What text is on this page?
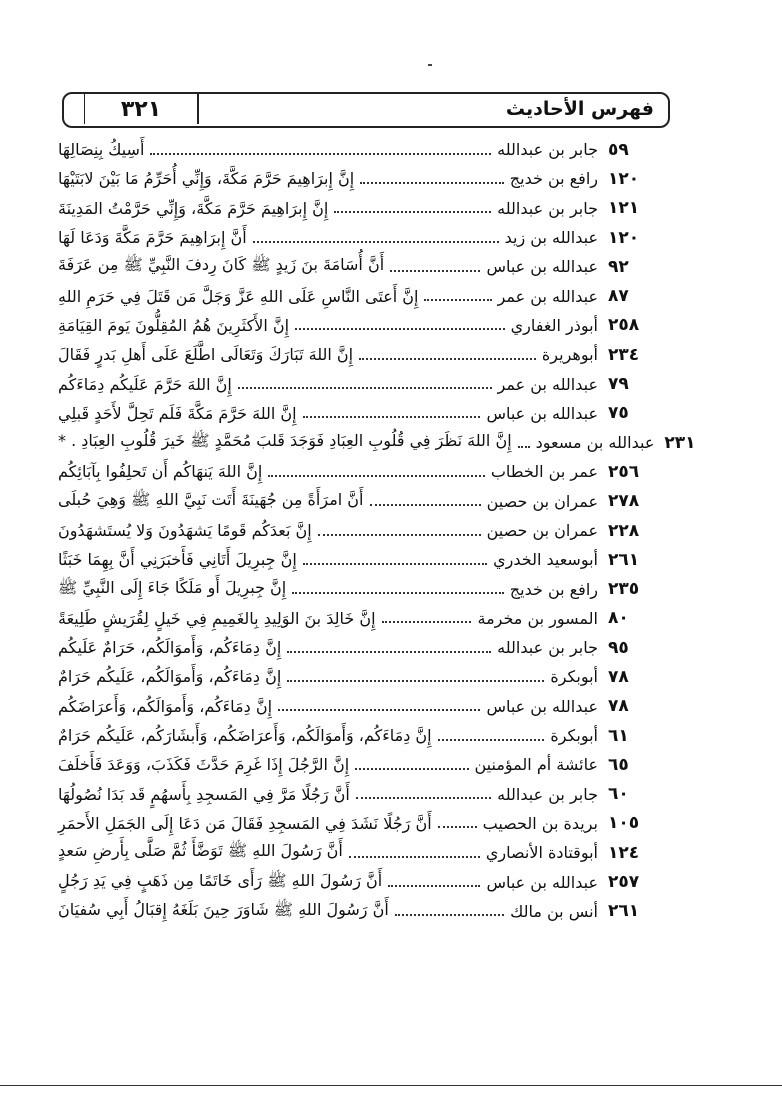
٣٢١	فهرس الأحاديث
أَسِيكُ بِنِصَالِهَا	جابر بن عبدالله ٥٩
إِنَّ إِبرَاهِيمَ حَرَّمَ مَكَّةَ، وَإِنِّي أُحَرِّمُ مَا بَيْنَ لابَتَيْهَا	رافع بن خديج ١٢٠
إِنَّ إِبرَاهِيمَ حَرَّمَ مَكَّةَ، وَإِنِّي حَرَّمْتُ المَدِينَةَ	جابر بن عبدالله ١٢١
أَنَّ إِبرَاهِيمَ حَرَّمَ مَكَّةَ وَدَعَا لَهَا	عبدالله بن زيد ١٢٠
أَنَّ أُسَامَةَ بنَ زَيدٍ ﷺ كَانَ رِدفَ النَّبِيِّ ﷺ مِن عَرَفَةَ	عبدالله بن عباس ٩٢
إِنَّ أَعتَى النَّاسِ عَلَى اللهِ عَزَّ وَجَلَّ مَن قَتَلَ فِي حَرَمِ اللهِ	عبدالله بن عمر ٨٧
إِنَّ الأَكثَرِينَ هُمُ المُقِلُّونَ يَومَ القِيَامَةِ	أبوذر الغفاري ٢٥٨
إِنَّ اللهَ تَبَارَكَ وَتَعَالَى اطَّلَعَ عَلَى أَهلِ بَدرٍ فَقَالَ	أبوهريرة ٢٣٤
إِنَّ اللهَ حَرَّمَ عَلَيكُم دِمَاءَكُم	عبدالله بن عمر ٧٩
إِنَّ اللهَ حَرَّمَ مَكَّةَ فَلَم تَحِلَّ لأَحَدٍ قَبلِي	عبدالله بن عباس ٧٥
إِنَّ اللهَ نَظَرَ فِي قُلُوبِ العِبَادِ فَوَجَدَ قَلبَ مُحَمَّدٍ ﷺ خَيرَ قُلُوبِ العِبَادِ . * عبدالله بن مسعود ٢٣١
إِنَّ اللهَ يَنهَاكُم أَن تَحلِفُوا بِآبَائِكُم	عمر بن الخطاب ٢٥٦
أَنَّ امرَأَةً مِن جُهَينَةَ أَتَت نَبِيَّ اللهِ ﷺ وَهِيَ حُبلَى	عمران بن حصين ٢٧٨
إِنَّ بَعدَكُم قَومًا يَشهَدُونَ وَلا يُستَشهَدُونَ	عمران بن حصين ٢٢٨
إِنَّ جِبرِيلَ أَتَانِي فَأَخبَرَنِي أَنَّ بِهِمَا خَبَثًا	أبوسعيد الخدري ٢٦١
إِنَّ جِبرِيلَ أَو مَلَكًا جَاءَ إِلَى النَّبِيِّ ﷺ	رافع بن خديج ٢٣٥
إِنَّ خَالِدَ بنَ الوَلِيدِ بِالغَمِيمِ فِي خَيلٍ لِقُرَيشٍ طَلِيعَةً	المسور بن مخرمة ٨٠
إِنَّ دِمَاءَكُم، وَأَموَالَكُم، حَرَامٌ عَلَيكُم	جابر بن عبدالله ٩٥
إِنَّ دِمَاءَكُم، وَأَموَالَكُم، عَلَيكُم حَرَامٌ	أبوبكرة ٧٨
إِنَّ دِمَاءَكُم، وَأَموَالَكُم، وَأَعرَاضَكُم	عبدالله بن عباس ٧٨
إِنَّ دِمَاءَكُم، وَأَموَالَكُم، وَأَعرَاضَكُم، وَأَبشَارَكُم، عَلَيكُم حَرَامٌ	أبوبكرة ٦١
إِنَّ الرَّجُلَ إِذَا غَرِمَ حَدَّثَ فَكَذَبَ، وَوَعَدَ فَأَخلَفَ	عائشة أم المؤمنين ٦٥
أَنَّ رَجُلًا مَرَّ فِي المَسجِدِ بِأَسهُمٍ قَد بَدَا نُصُولُهَا	جابر بن عبدالله ٦٠
أَنَّ رَجُلًا نَشَدَ فِي المَسجِدِ فَقَالَ مَن دَعَا إِلَى الجَمَلِ الأَحمَرِ	بريدة بن الحصيب ١٠٥
أَنَّ رَسُولَ اللهِ ﷺ تَوَضَّأَ ثُمَّ صَلَّى بِأَرضِ سَعدٍ	أبوقتادة الأنصاري ١٢٤
أَنَّ رَسُولَ اللهِ ﷺ رَأَى خَاتَمًا مِن ذَهَبٍ فِي يَدِ رَجُلٍ	عبدالله بن عباس ٢٥٧
أَنَّ رَسُولَ اللهِ ﷺ شَاوَرَ حِينَ بَلَغَهُ إِقبَالُ أَبِي سُفيَانَ	أنس بن مالك ٢٦١
